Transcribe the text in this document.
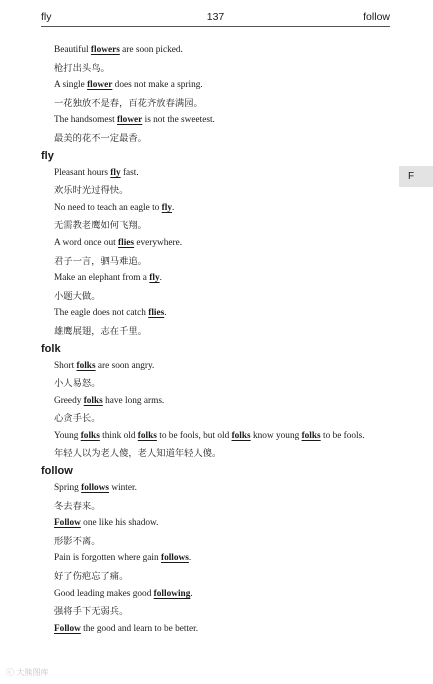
fly	137	follow

Beautiful flowers are soon picked.

枪打出头鸟。

A single flower does not make a spring.

一花独放不是春，百花齐放春满园。

The handsomest flower is not the sweetest.

最美的花不一定最香。

fly

Pleasant hours fly fast.

欢乐时光过得快。

No need to teach an eagle to fly.

无需教老鹰如何飞翔。

A word once out flies everywhere.

君子一言，驷马难追。

Make an elephant from a fly.

小题大做。

The eagle does not catch flies.

雄鹰展翅，志在千里。

folk

Short folks are soon angry.

小人易怒。

Greedy folks have long arms.

心贪手长。

Young folks think old folks to be fools, but old folks know young folks to be fools.

年轻人以为老人傻，老人知道年轻人傻。

follow

Spring follows winter.

冬去春来。

Follow one like his shadow.

形影不离。

Pain is forgotten where gain follows.

好了伤疤忘了痛。

Good leading makes good following.

强将手下无弱兵。

Follow the good and learn to be better.

F
ⓒ 大熊图库
